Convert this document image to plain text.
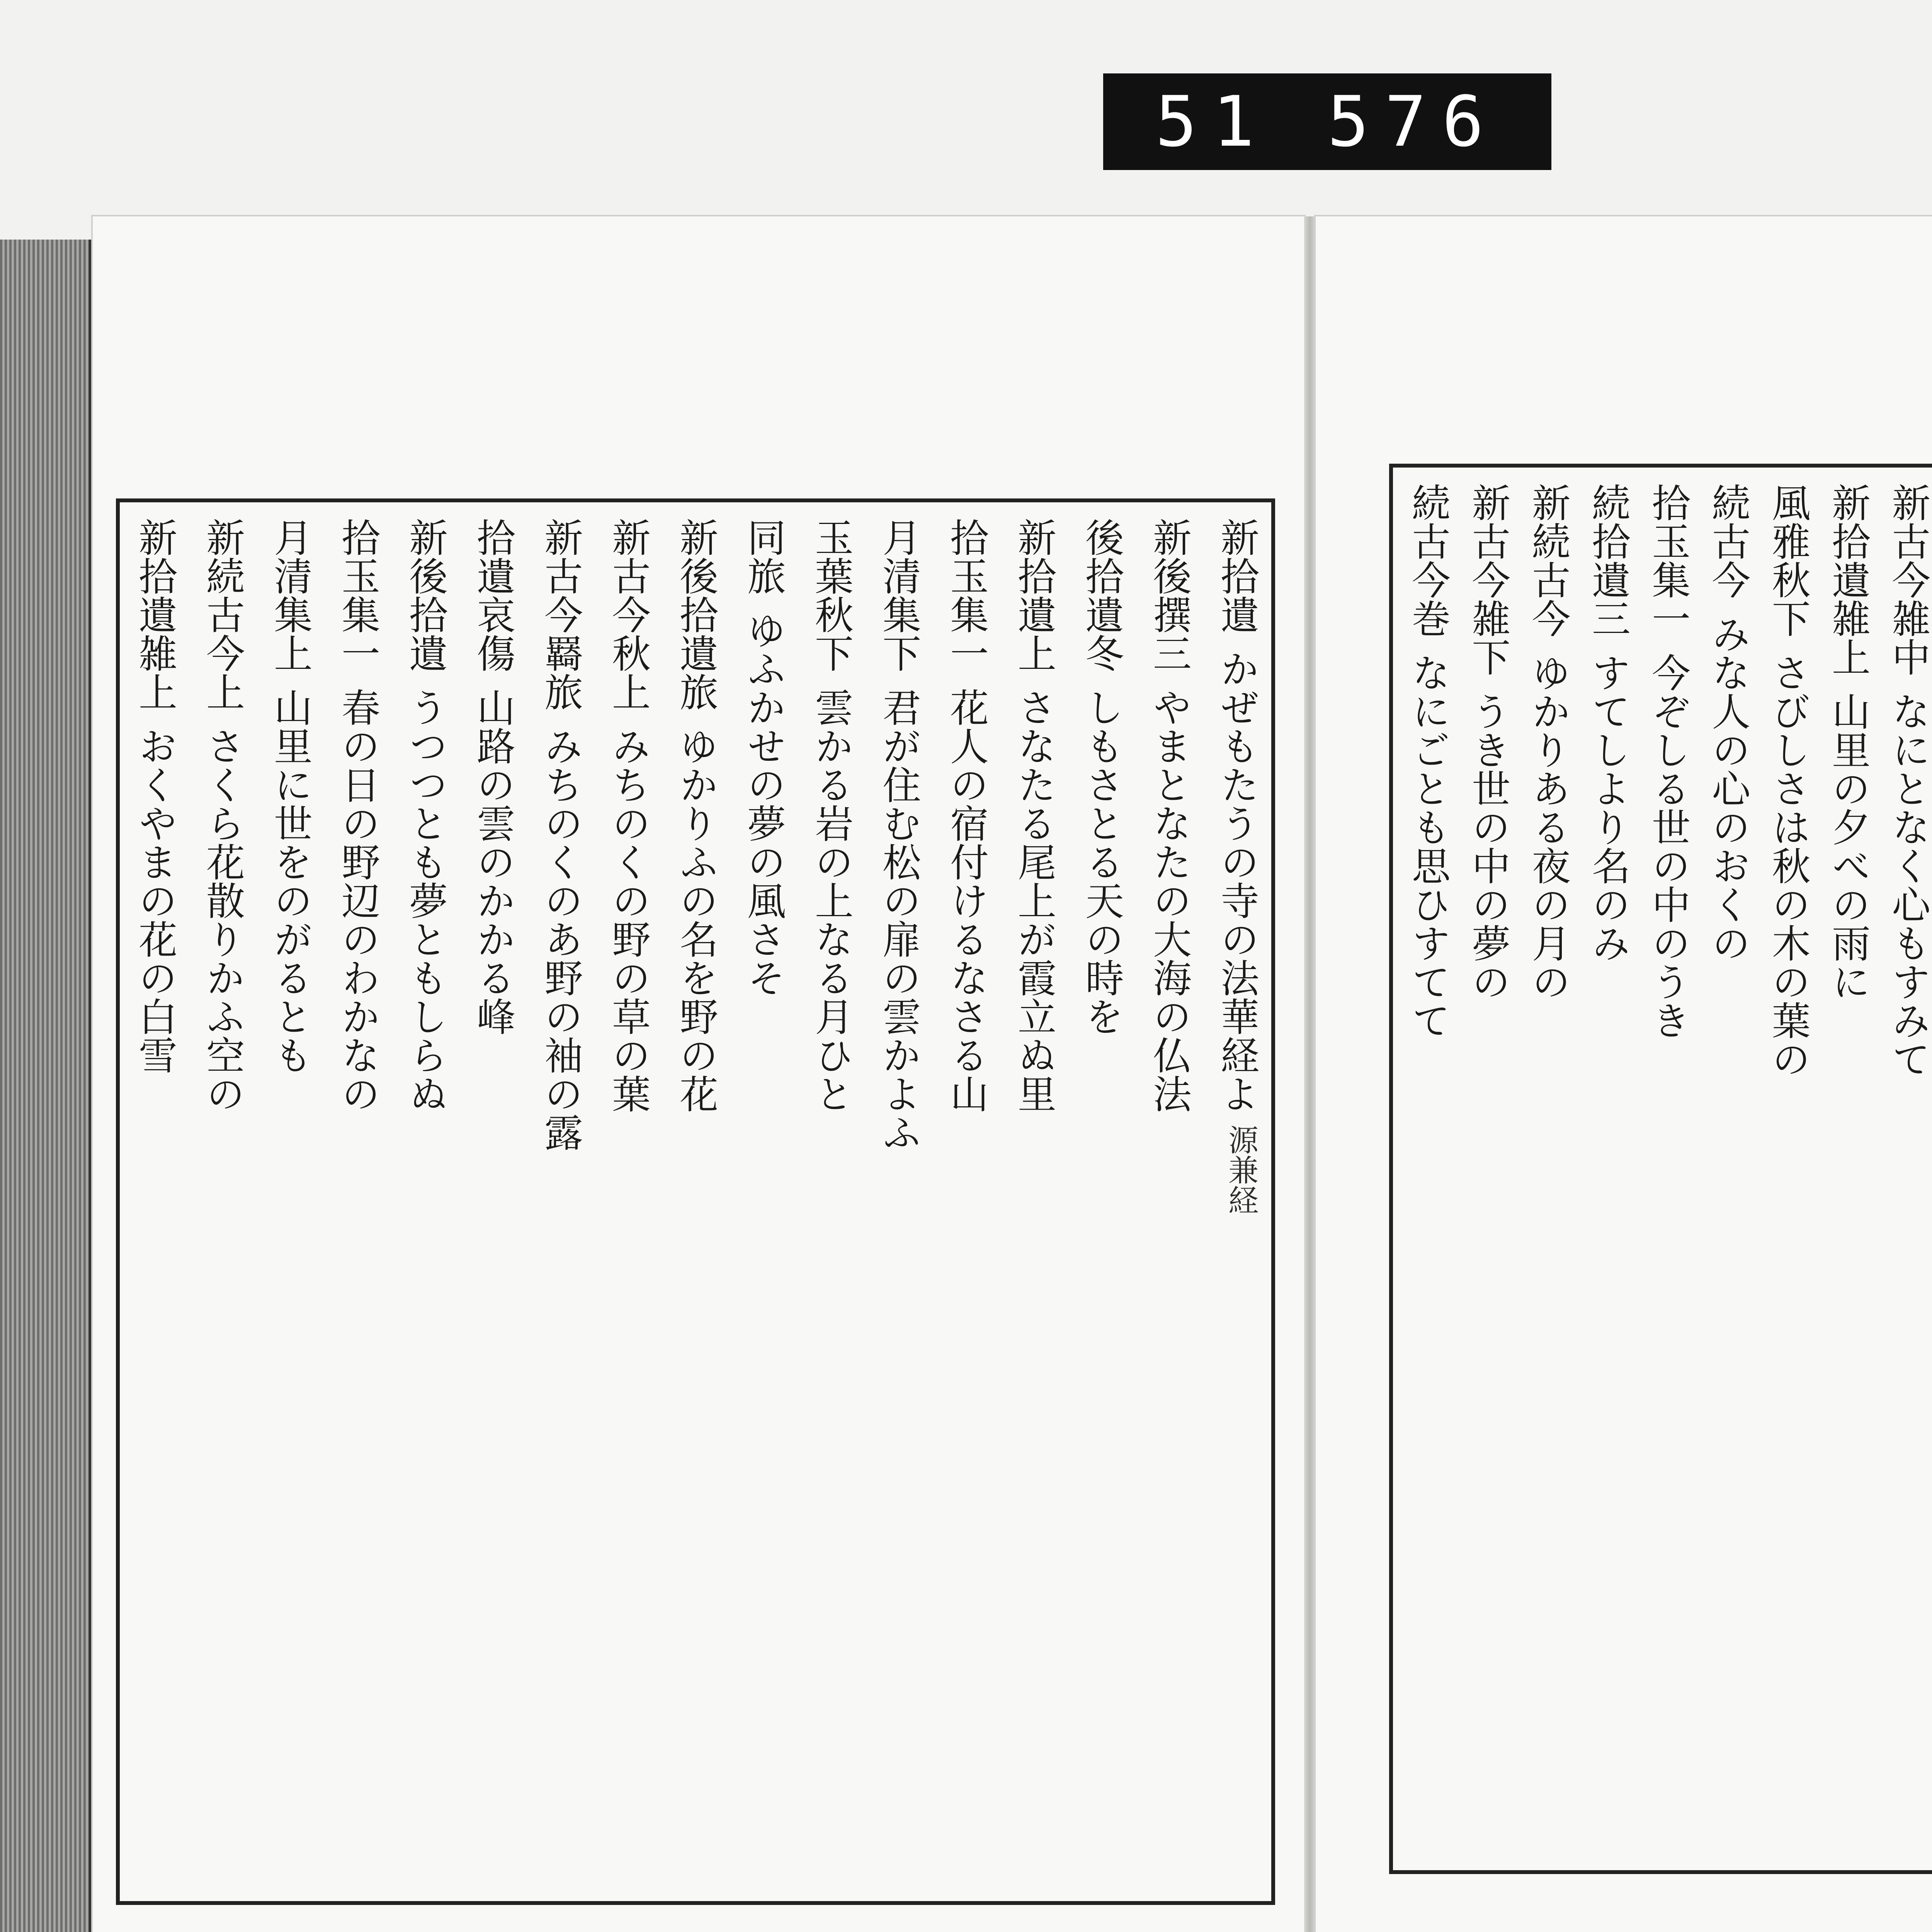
51 576
新拾遺
かぜもたうの寺の法華経よ
源兼経
新後撰三
やまとなたの大海の仏法
後拾遺冬
しもさとる天の時を
新拾遺上
さなたる尾上が霞立ぬ里
拾玉集一
花人の宿付けるなさる山
月清集下
君が住む松の扉の雲かよふ
玉葉秋下
雲かる岩の上なる月ひと
同旅
ゆふかせの夢の風さそ
新後拾遺旅
ゆかりふの名を野の花
新古今秋上
みちのくの野の草の葉
新古今羇旅
みちのくのあ野の袖の露
拾遺哀傷
山路の雲のかかる峰
新後拾遺
うつつとも夢ともしらぬ
拾玉集一
春の日の野辺のわかなの
月清集上
山里に世をのがるとも
新続古今上
さくら花散りかふ空の
新拾遺雑上
おくやまの花の白雪
新古今雑中
なにとなく心もすみて
新拾遺雑上
山里の夕べの雨に
風雅秋下
さびしさは秋の木の葉の
続古今
みな人の心のおくの
拾玉集一
今ぞしる世の中のうき
続拾遺三
すてしより名のみ
新続古今
ゆかりある夜の月の
新古今雑下
うき世の中の夢の
続古今巻
なにごとも思ひすてて
